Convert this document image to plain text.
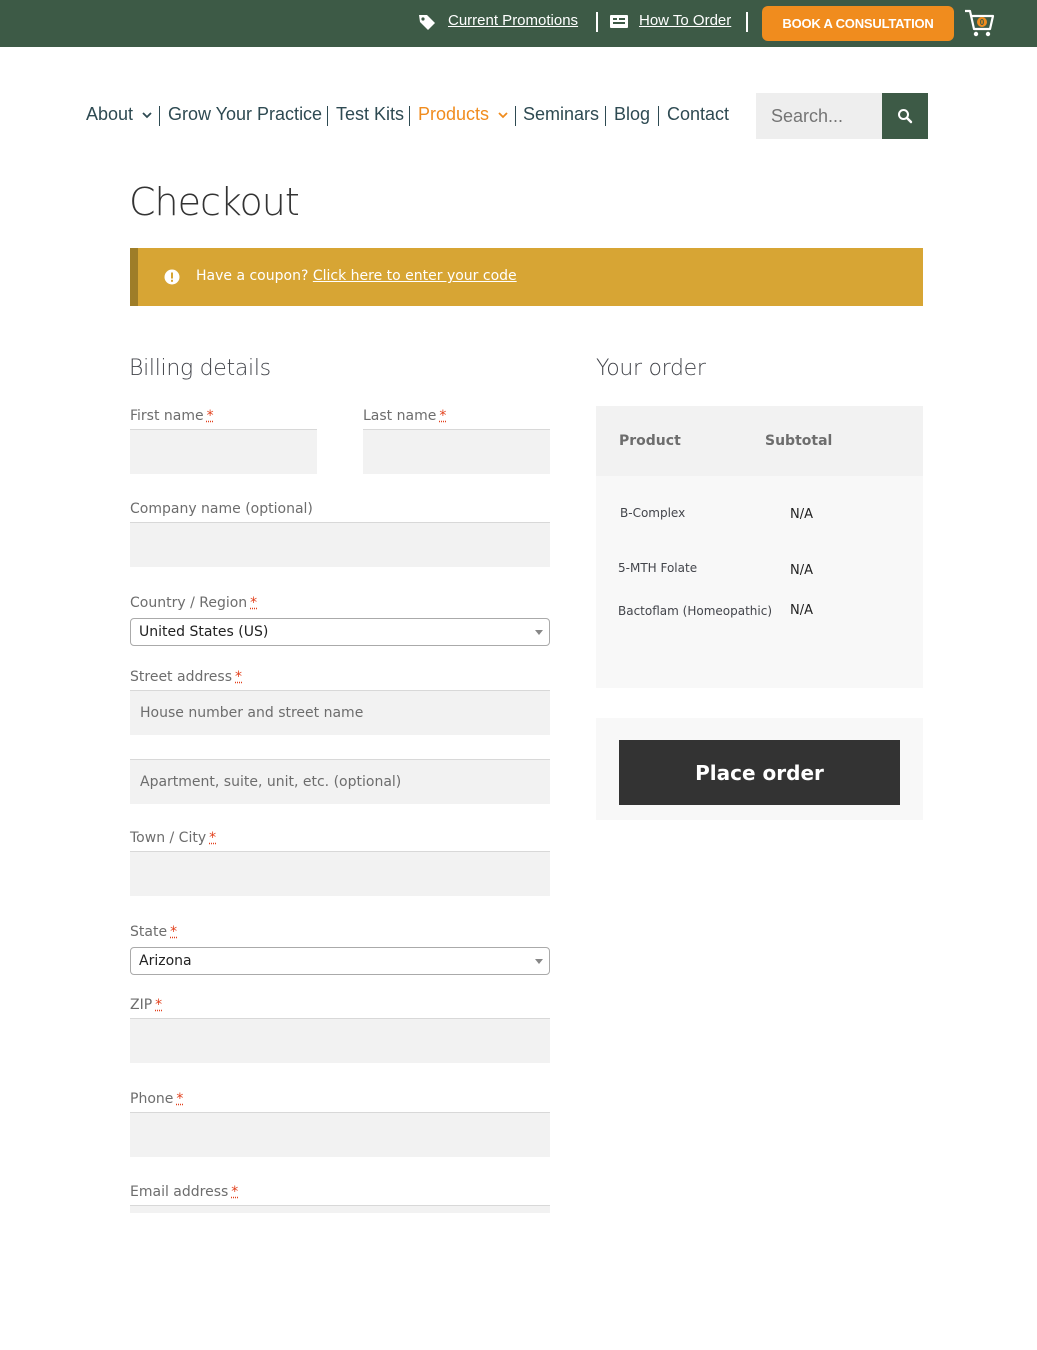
Current Promotions	How To Order	BOOK A CONSULTATION	0
About Grow Your Practice Test Kits Products Seminars Blog Contact
Search...
Checkout
Have a coupon? Click here to enter your code
Billing details
First name *	Last name *
Company name (optional)
Country / Region *
United States (US)
Street address *
House number and street name
Apartment, suite, unit, etc. (optional)
Town / City *
State *
Arizona
ZIP *
Phone *
Email address *
Your order
Product	Subtotal
B-Complex	N/A
5-MTH Folate	N/A
Bactoflam (Homeopathic) N/A
Place order
